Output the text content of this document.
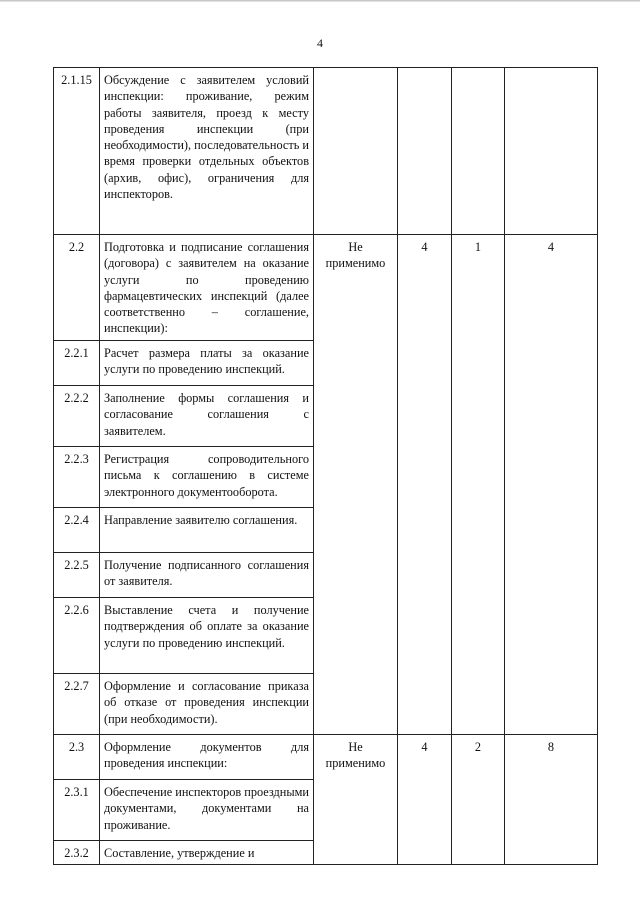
4
2.1.15	Обсуждение с заявителем условий инспекции: проживание, режим работы заявителя, проезд к месту проведения инспекции (при необходимости), последовательность и время проверки отдельных объектов (архив, офис), ограничения для инспекторов.				
2.2	Подготовка и подписание соглашения (договора) с заявителем на оказание услуги по проведению фармацевтических инспекций (далее соответственно – соглашение, инспекции):	Не применимо	4	1	4
2.2.1	Расчет размера платы за оказание услуги по проведению инспекций.				
2.2.2	Заполнение формы соглашения и согласование соглашения с заявителем.				
2.2.3	Регистрация сопроводительного письма к соглашению в системе электронного документооборота.				
2.2.4	Направление заявителю соглашения.				
2.2.5	Получение подписанного соглашения от заявителя.				
2.2.6	Выставление счета и получение подтверждения об оплате за оказание услуги по проведению инспекций.				
2.2.7	Оформление и согласование приказа об отказе от проведения инспекции (при необходимости).				
2.3	Оформление документов для проведения инспекции:	Не применимо	4	2	8
2.3.1	Обеспечение инспекторов проездными документами, документами на проживание.				
2.3.2	Составление, утверждение и				
